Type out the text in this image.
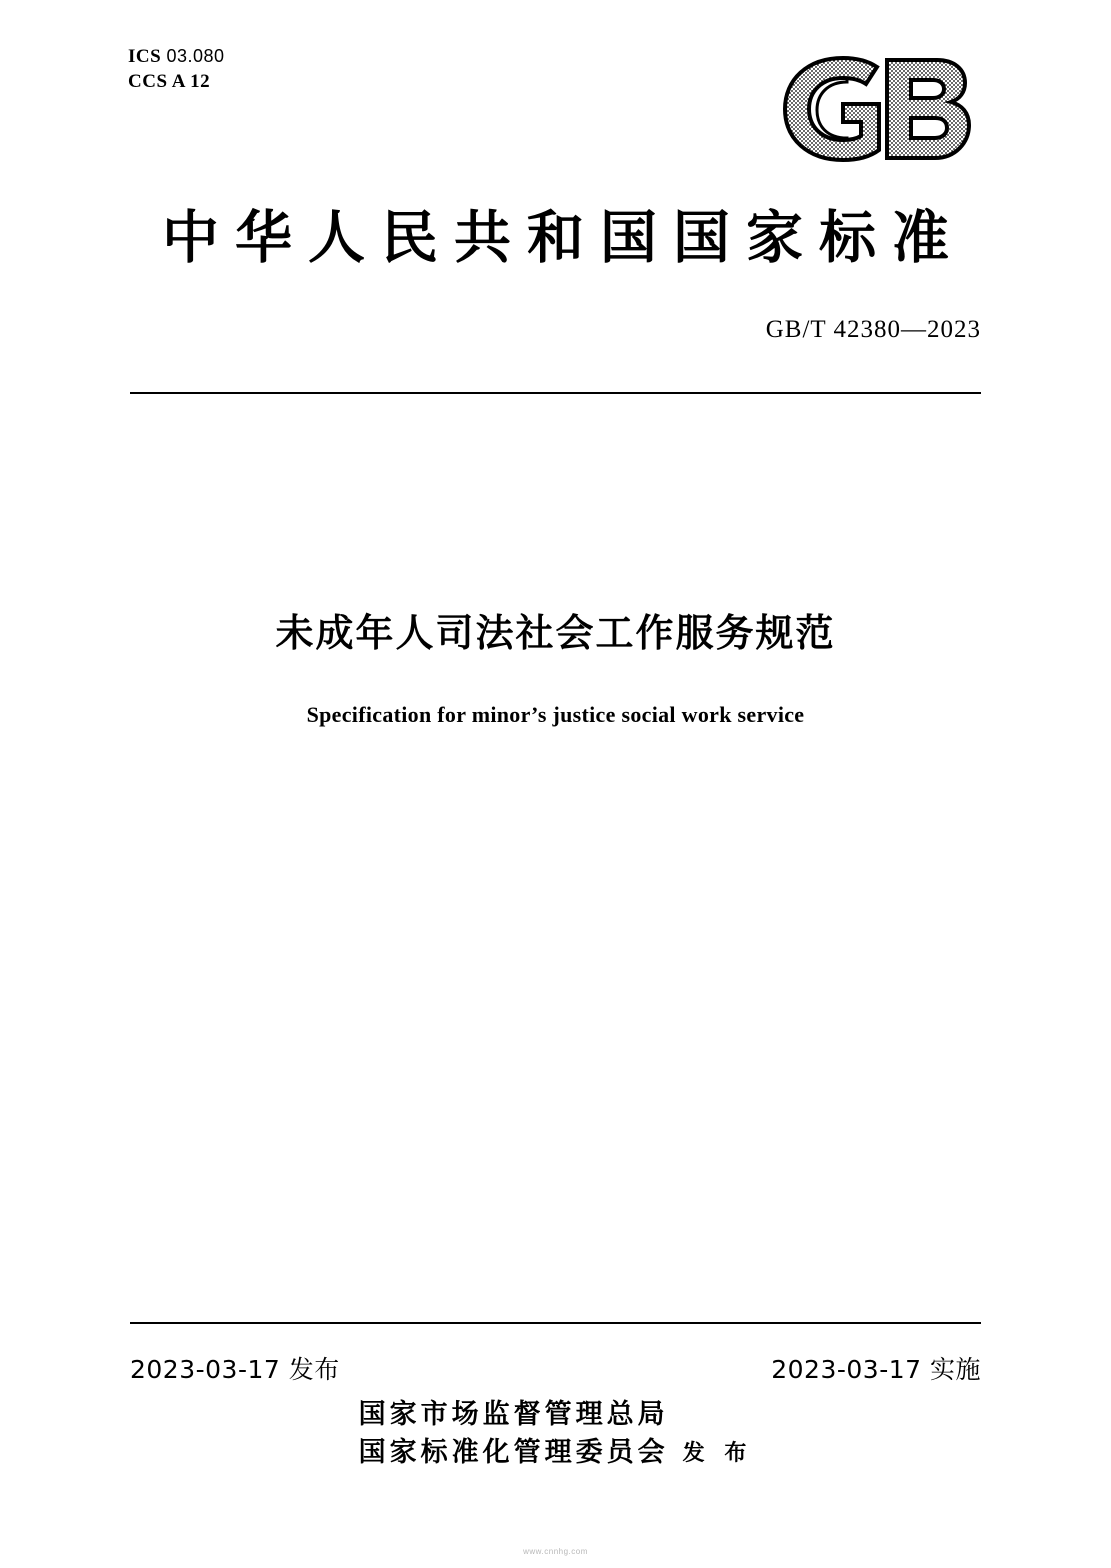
ICS 03.080
CCS A 12
中华人民共和国国家标准
GB/T 42380—2023
未成年人司法社会工作服务规范
Specification for minor’s justice social work service
2023-03-17 发布	2023-03-17 实施
国家市场监督管理总局
国家标准化管理委员会 发 布
www.cnnhg.com
